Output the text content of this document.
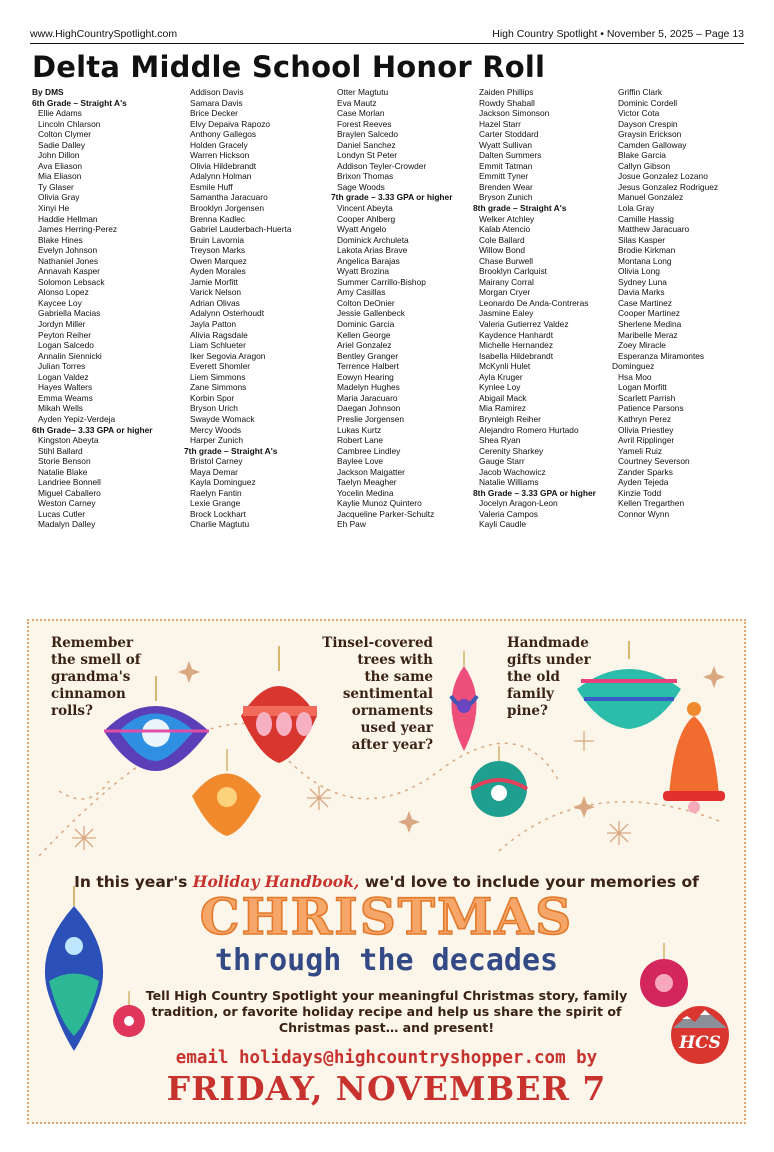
www.HighCountrySpotlight.com	High Country Spotlight • November 5, 2025 – Page 13
Delta Middle School Honor Roll
By DMS
6th Grade – Straight A's
Ellie Adams
Lincoln Chlarson
Colton Clymer
Sadie Dalley
John Dillon
Ava Eliason
Mia Eliason
Ty Glaser
Olivia Gray
Xinyi He
Haddie Hellman
James Herring-Perez
Blake Hines
Evelyn Johnson
Nathaniel Jones
Annavah Kasper
Solomon Lebsack
Alonso Lopez
Kaycee Loy
Gabriella Macias
Jordyn Miller
Peyton Reiher
Logan Salcedo
Annalin Siennicki
Julian Torres
Logan Valdez
Hayes Walters
Emma Weams
Mikah Wells
Ayden Yepiz-Verdeja
6th Grade– 3.33 GPA or higher
Kingston Abeyta
Stihl Ballard
Storie Benson
Natalie Blake
Landriee Bonnell
Miguel Caballero
Weston Carney
Lucas Cutler
Madalyn Dalley
Addison Davis
Samara Davis
Brice Decker
Elvy Depaiva Rapozo
Anthony Gallegos
Holden Gracely
Warren Hickson
Olivia Hildebrandt
Adalynn Holman
Esmile Huff
Samantha Jaracuaro
Brooklyn Jorgensen
Brenna Kadlec
Gabriel Lauderbach-Huerta
Bruin Lavornia
Treyson Marks
Owen Marquez
Ayden Morales
Jamie Morfitt
Varick Nelson
Adrian Olivas
Adalynn Osterhoudt
Jayla Patton
Alivia Ragsdale
Liam Schlueter
Iker Segovia Aragon
Everett Shomler
Liem Simmons
Zane Simmons
Korbin Spor
Bryson Urich
Swayde Womack
Mercy Woods
Harper Zunich
7th grade – Straight A's
Bristol Carney
Maya Demar
Kayla Dominguez
Raelyn Fantin
Lexie Grange
Brock Lockhart
Charlie Magtutu
Otter Magtutu
Eva Mautz
Case Morlan
Forest Reeves
Braylen Salcedo
Daniel Sanchez
Londyn St Peter
Addison Teyler-Crowder
Brixon Thomas
Sage Woods
7th grade – 3.33 GPA or higher
Vincent Abeyta
Cooper Ahlberg
Wyatt Angelo
Dominick Archuleta
Lakota Arias Brave
Angelica Barajas
Wyatt Brozina
Summer Carrillo-Bishop
Amy Casillas
Colton DeOnier
Jessie Gallenbeck
Dominic Garcia
Kellen George
Ariel Gonzalez
Bentley Granger
Terrence Halbert
Eowyn Hearing
Madelyn Hughes
Maria Jaracuaro
Daegan Johnson
Preslie Jorgensen
Lukas Kurtz
Robert Lane
Cambree Lindley
Baylee Love
Jackson Maigatter
Taelyn Meagher
Yocelin Medina
Kaylie Munoz Quintero
Jacqueline Parker-Schultz
Eh Paw
Zaiden Phillips
Rowdy Shaball
Jackson Simonson
Hazel Starr
Carter Stoddard
Wyatt Sullivan
Dalten Summers
Emmit Tatman
Emmitt Tyner
Brenden Wear
Bryson Zunich
8th grade – Straight A's
Welker Atchley
Kalab Atencio
Cole Ballard
Willow Bond
Chase Burwell
Brooklyn Carlquist
Mairany Corral
Morgan Cryer
Leonardo De Anda-Contreras
Jasmine Ealey
Valeria Gutierrez Valdez
Kaydence Hanhardt
Michelle Hernandez
Isabella Hildebrandt
McKynli Hulet
Ayla Kruger
Kynlee Loy
Abigail Mack
Mia Ramirez
Brynleigh Reiher
Alejandro Romero Hurtado
Shea Ryan
Cerenity Sharkey
Gauge Starr
Jacob Wachowicz
Natalie Williams
8th Grade – 3.33 GPA or higher
Jocelyn Aragon-Leon
Valeria Campos
Kayli Caudle
Griffin Clark
Dominic Cordell
Victor Cota
Dayson Crespin
Graysin Erickson
Camden Galloway
Blake Garcia
Callyn Gibson
Josue Gonzalez Lozano
Jesus Gonzalez Rodriguez
Manuel Gonzalez
Lola Gray
Camille Hassig
Matthew Jaracuaro
Silas Kasper
Brodie Kirkman
Montana Long
Olivia Long
Sydney Luna
Davia Marks
Case Martinez
Cooper Martinez
Sherlene Medina
Maribelle Meraz
Zoey Miracle
Esperanza Miramontes
Dominguez
Hsa Moo
Logan Morfitt
Scarlett Parrish
Patience Parsons
Kathryn Perez
Olivia Priestley
Avril Ripplinger
Yameli Ruiz
Courtney Severson
Zander Sparks
Ayden Tejeda
Kinzie Todd
Kellen Tregarthen
Connor Wynn
Remember
the smell of
grandma's
cinnamon
rolls?
Tinsel-covered
trees with
the same
sentimental
ornaments
used year
after year?
Handmade
gifts under
the old
family
pine?
In this year's Holiday Handbook, we'd love to include your memories of
CHRISTMAS
through the decades
Tell High Country Spotlight your meaningful Christmas story, family tradition, or favorite holiday recipe and help us share the spirit of Christmas past… and present!
HCS
email holidays@highcountryshopper.com by
FRIDAY, NOVEMBER 7
